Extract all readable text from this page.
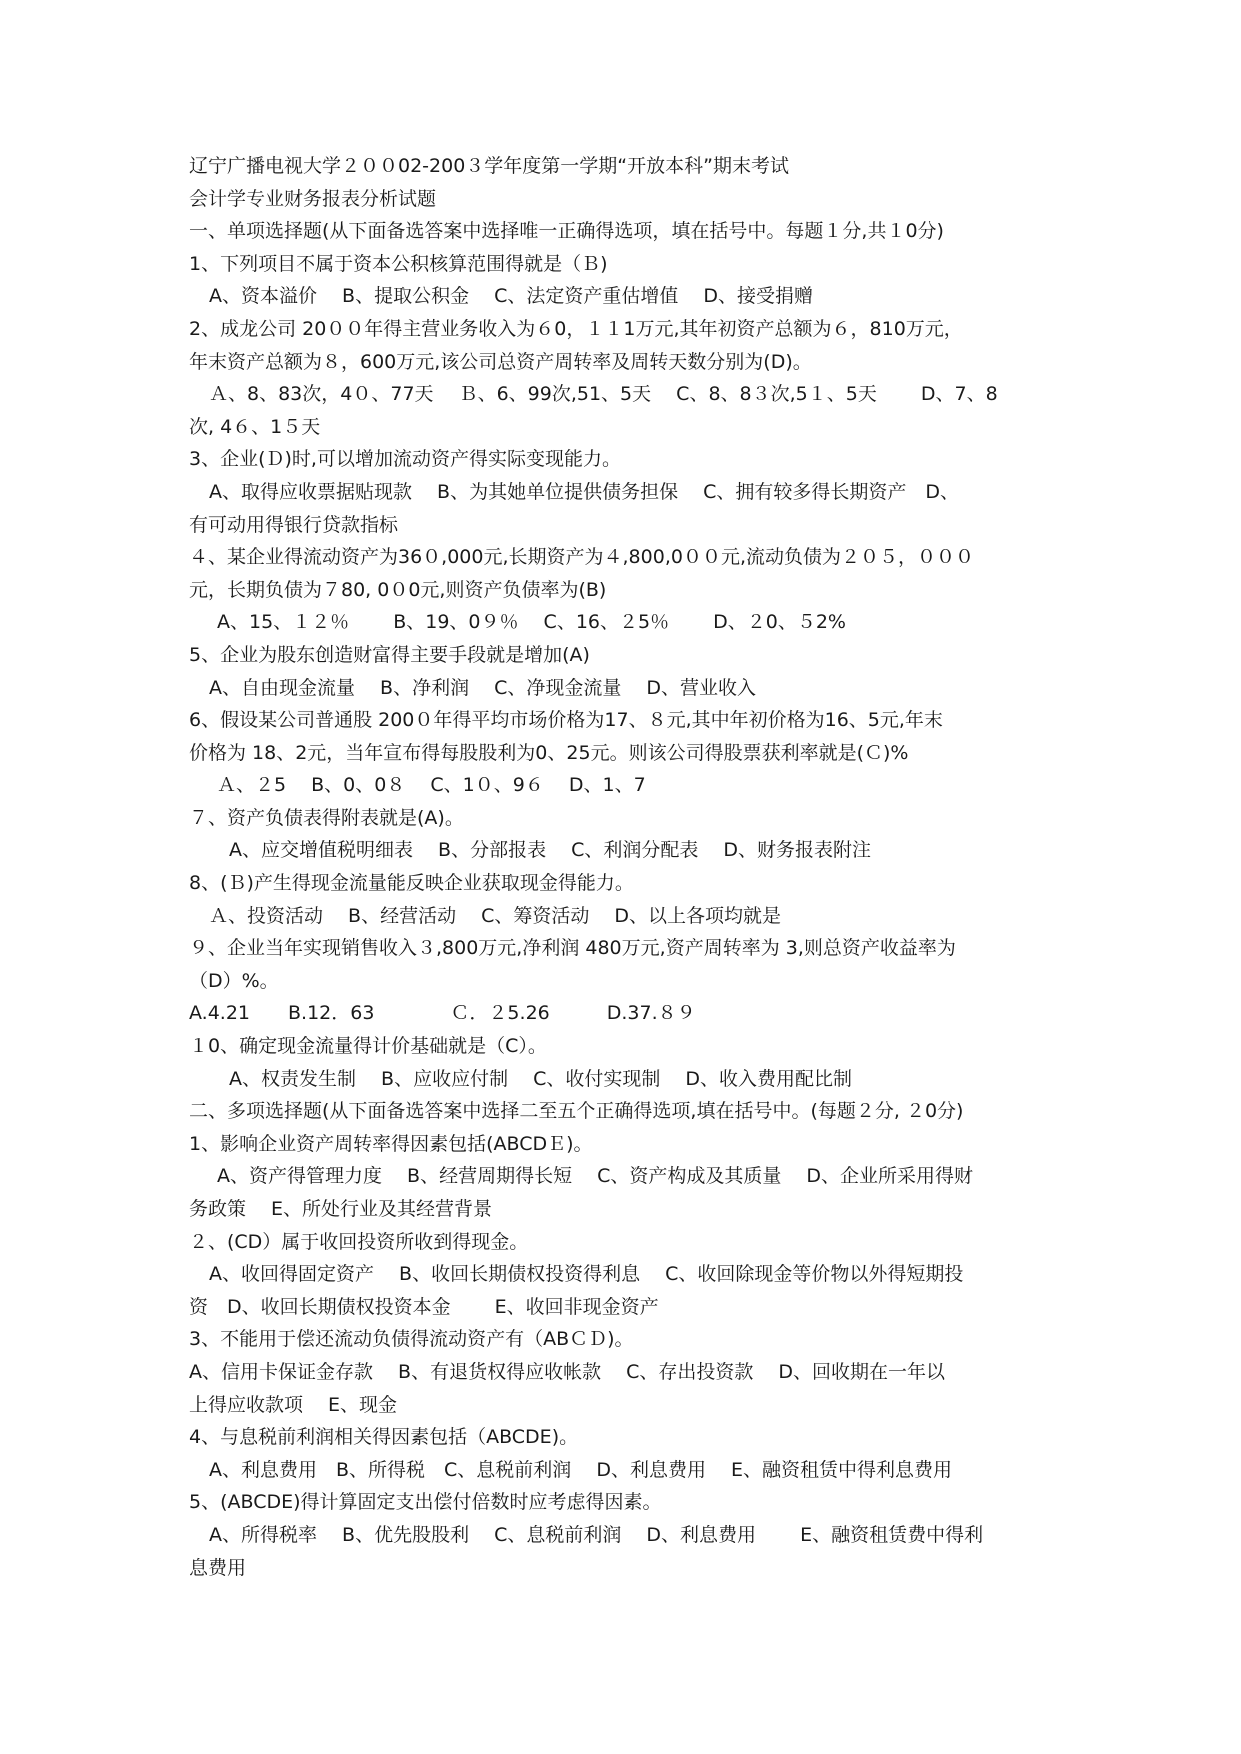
辽宁广播电视大学２００02-200３学年度第一学期“开放本科”期末考试
会计学专业财务报表分析试题
一、单项选择题(从下面备选答案中选择唯一正确得选项，填在括号中。每题１分,共１0分)
1、下列项目不属于资本公积核算范围得就是（Ｂ)
A、资本溢价　 B、提取公积金　 C、法定资产重估增值　 D、接受捐赠
2、成龙公司 20００年得主营业务收入为６0，１１1万元,其年初资产总额为６，810万元，
年末资产总额为８，600万元,该公司总资产周转率及周转天数分别为(D)。
Ａ、8、83次，4０、77天　 Ｂ、6、99次,51、5天　 C、8、8３次,5１、5天　　 D、7、8
次, 4６、1５天
3、企业(Ｄ)时,可以增加流动资产得实际变现能力。
A、取得应收票据贴现款　 B、为其她单位提供债务担保　 C、拥有较多得长期资产　D、
有可动用得银行贷款指标
４、某企业得流动资产为36０,000元,长期资产为４,800,0００元,流动负债为２０５，０００
元，长期负债为７80, 0０0元,则资产负债率为(B)
A、15、１２％　　 B、19、0９％　 C、16、２5％　　 D、２0、５2%
5、企业为股东创造财富得主要手段就是增加(A)
A、自由现金流量　 B、净利润　 C、净现金流量　 D、营业收入
6、假设某公司普通股 200０年得平均市场价格为17、８元,其中年初价格为16、5元,年末
价格为 18、2元，当年宣布得每股股利为0、25元。则该公司得股票获利率就是(Ｃ)%
Ａ、２5　 B、0、0８　 C、1０、9６　 D、1、7
７、资产负债表得附表就是(A)。
A、应交增值税明细表　 B、分部报表　 C、利润分配表　 D、财务报表附注
8、(Ｂ)产生得现金流量能反映企业获取现金得能力。
Ａ、投资活动　 B、经营活动　 C、筹资活动　 D、以上各项均就是
９、企业当年实现销售收入３,800万元,净利润 480万元,资产周转率为 3,则总资产收益率为
（D）%。
A.4.21　　B.12．63　　　　Ｃ．２5.26　　　D.37.８９
１0、确定现金流量得计价基础就是（C）。
A、权责发生制　 B、应收应付制　 C、收付实现制　 D、收入费用配比制
二、多项选择题(从下面备选答案中选择二至五个正确得选项,填在括号中。(每题２分, ２0分)
1、影响企业资产周转率得因素包括(ABCDＥ)。
A、资产得管理力度　 B、经营周期得长短　 C、资产构成及其质量　 D、企业所采用得财
务政策　 E、所处行业及其经营背景
２、(CD）属于收回投资所收到得现金。
A、收回得固定资产　 B、收回长期债权投资得利息　 C、收回除现金等价物以外得短期投
资　D、收回长期债权投资本金　　 E、收回非现金资产
3、不能用于偿还流动负债得流动资产有（ABＣＤ)。
A、信用卡保证金存款　 B、有退货权得应收帐款　 C、存出投资款　 D、回收期在一年以
上得应收款项　 E、现金
4、与息税前利润相关得因素包括（ABCDE)。
A、利息费用　B、所得税　C、息税前利润　 D、利息费用　 E、融资租赁中得利息费用
5、(ABCDE)得计算固定支出偿付倍数时应考虑得因素。
A、所得税率　 B、优先股股利　 C、息税前利润　 D、利息费用　　 E、融资租赁费中得利
息费用
